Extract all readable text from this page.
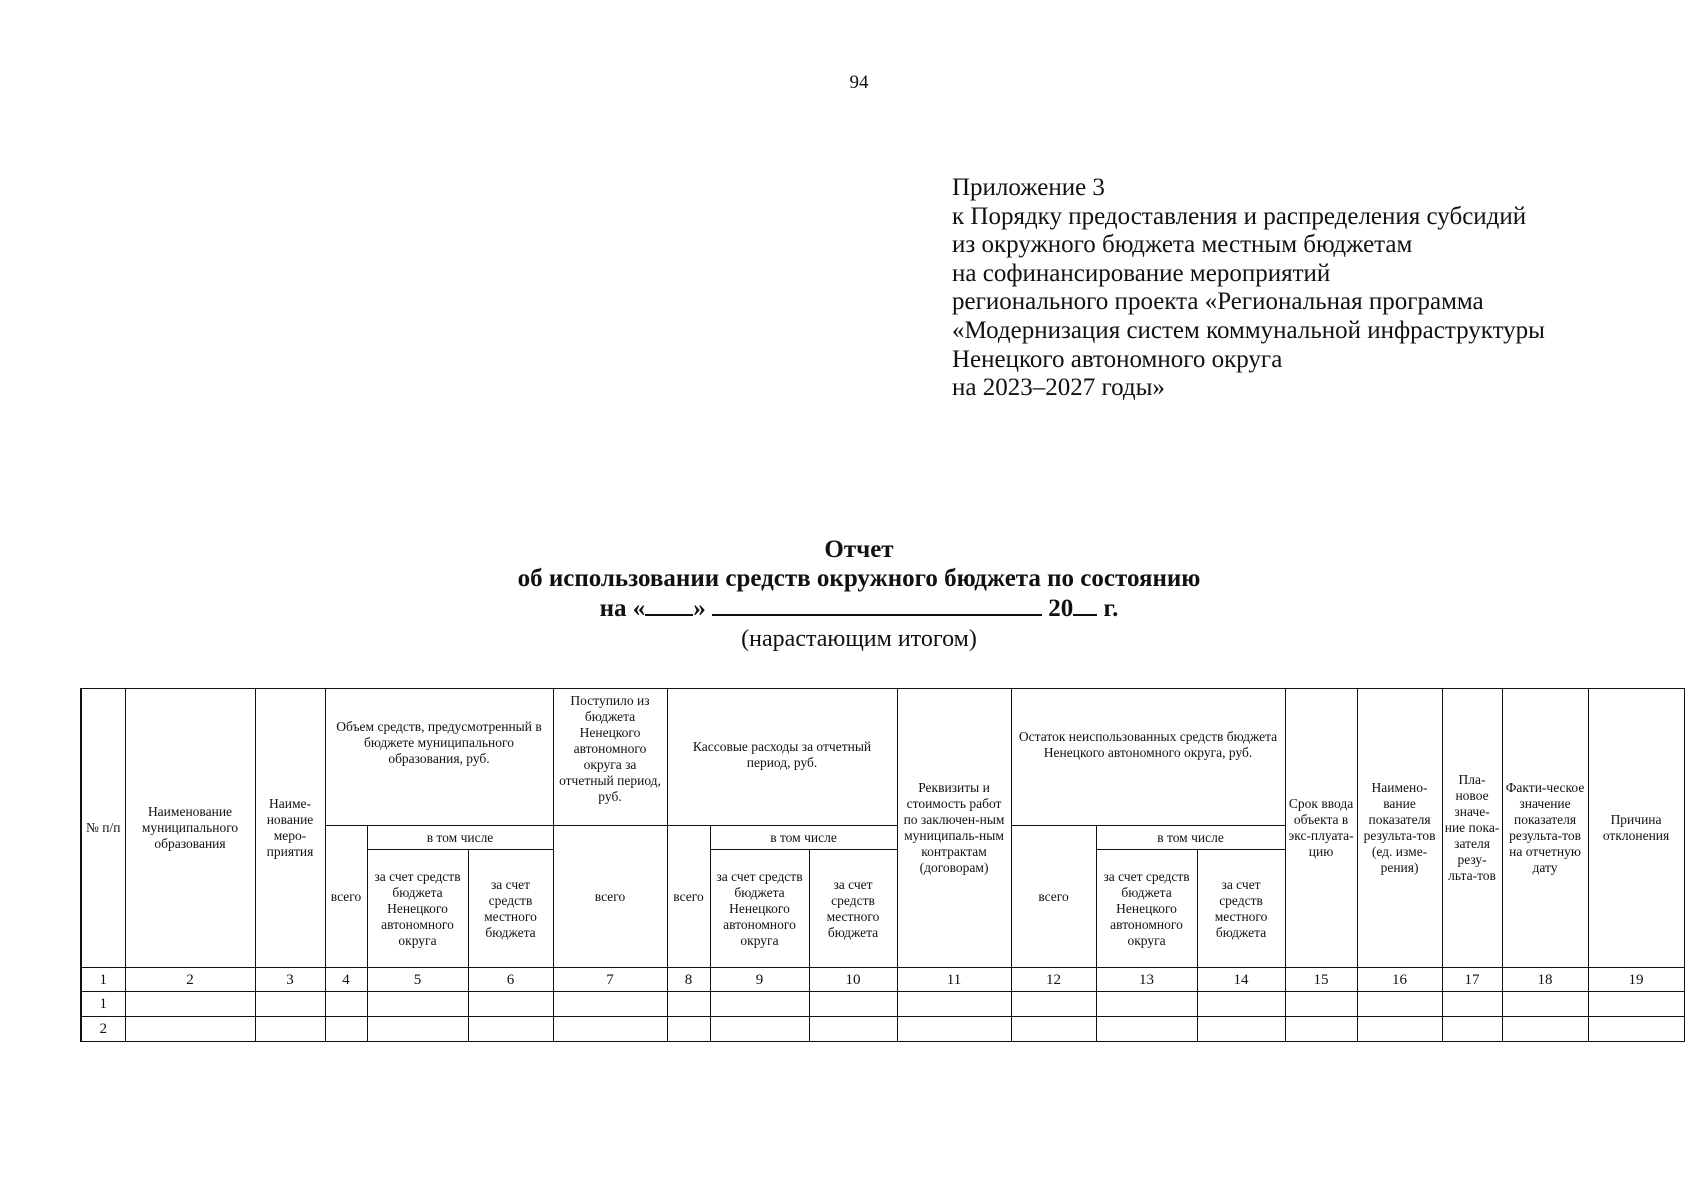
94
Приложение 3
к Порядку предоставления и распределения субсидий
из окружного бюджета местным бюджетам
на софинансирование мероприятий
регионального проекта «Региональная программа
«Модернизация систем коммунальной инфраструктуры
Ненецкого автономного округа
на 2023–2027 годы»
Отчет
об использовании средств окружного бюджета по состоянию
на « »	20 г.
(нарастающим итогом)
№ п/п	Наименование муниципального образования	Наиме-нование меро-приятия	Объем средств, предусмотренный в бюджете муниципального образования, руб.			Поступило из бюджета Ненецкого автономного округа за отчетный период, руб.	Кассовые расходы за отчетный период, руб.			Реквизиты и стоимость работ по заключен-ным муниципаль-ным контрактам (договорам)	Остаток неиспользованных средств бюджета Ненецкого автономного округа, руб.			Срок ввода объекта в экс-плуата-цию	Наимено-вание показателя результа-тов (ед. изме-рения)	Пла-новое значе-ние пока-зателя резу-льта-тов	Факти-ческое значение показателя результа-тов на отчетную дату	Причина отклонения
			всего	в том числе		всего	всего	в том числе			всего	в том числе						
				за счет средств бюджета Ненецкого автономного округа	за счет средств местного бюджета			за счет средств бюджета Ненецкого автономного округа	за счет средств местного бюджета			за счет средств бюджета Ненецкого автономного округа	за счет средств местного бюджета					
1	2	3	4	5	6	7	8	9	10	11	12	13	14	15	16	17	18	19
1																		
2																		
